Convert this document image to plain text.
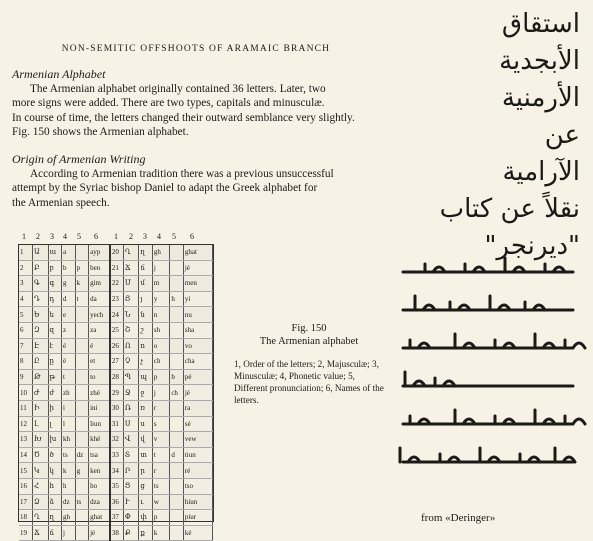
NON-SEMITIC OFFSHOOTS OF ARAMAIC BRANCH
Armenian Alphabet
The Armenian alphabet originally contained 36 letters. Later, two
more signs were added. There are two types, capitals and minusculæ.
In course of time, the letters changed their outward semblance very slightly.
Fig. 150 shows the Armenian alphabet.
Origin of Armenian Writing
According to Armenian tradition there was a previous unsuccessful
attempt by the Syriac bishop Daniel to adapt the Greek alphabet for
the Armenian speech.
1 2 3 4 5 6 1 2 3 4 5 6
1	Ա	ա	a		ayp	20	Ղ	ղ	gh		ghat
2	Բ	բ	b	p	ben	21	Ճ	ճ	j		jé
3	Գ	գ	g	k	gim	22	Մ	մ	m		men
4	Դ	դ	d	t	da	23	Յ	յ	y	h	yi
5	Ե	ե	e		yech	24	Ն	ն	n		nu
6	Զ	զ	z		za	25	Շ	շ	sh		sha
7	Է	է	é		é	26	Ո	ո	o		vo
8	Ը	ը	ë		et	27	Չ	չ	ch		cha
9	Թ	թ	t		to	28	Պ	պ	p	b	pé
10	Ժ	ժ	zh		zhé	29	Ջ	ջ	j	ch	jé
11	Ի	ի	i		ini	30	Ռ	ռ	r		ra
12	Լ	լ	l		liun	31	Ս	ս	s		sé
13	Խ	խ	kh		khé	32	Վ	վ	v		vew
14	Ծ	ծ	ts	dz	tsa	33	Տ	տ	t	d	tiun
15	Կ	կ	k	g	ken	34	Ր	ր	r		ré
16	Հ	հ	h		ho	35	Ց	ց	ts		tso
17	Ձ	ձ	dz	ts	dza	36	Ւ	ւ	w		hiun
18	Ղ	ղ	gh		ghat	37	Փ	փ	p		piur
19	Ճ	ճ	j		jé	38	Ք	ք	k		ké
Fig. 150
The Armenian alphabet
1, Order of the letters; 2, Majusculæ; 3, Minusculæ; 4, Phonetic value; 5, Different pronunciation; 6, Names of the letters.
استقاق
الأبجدية
الأرمنية
عن
الآرامية
نقلاً عن كتاب
"ديرنجر"
from «Deringer»
